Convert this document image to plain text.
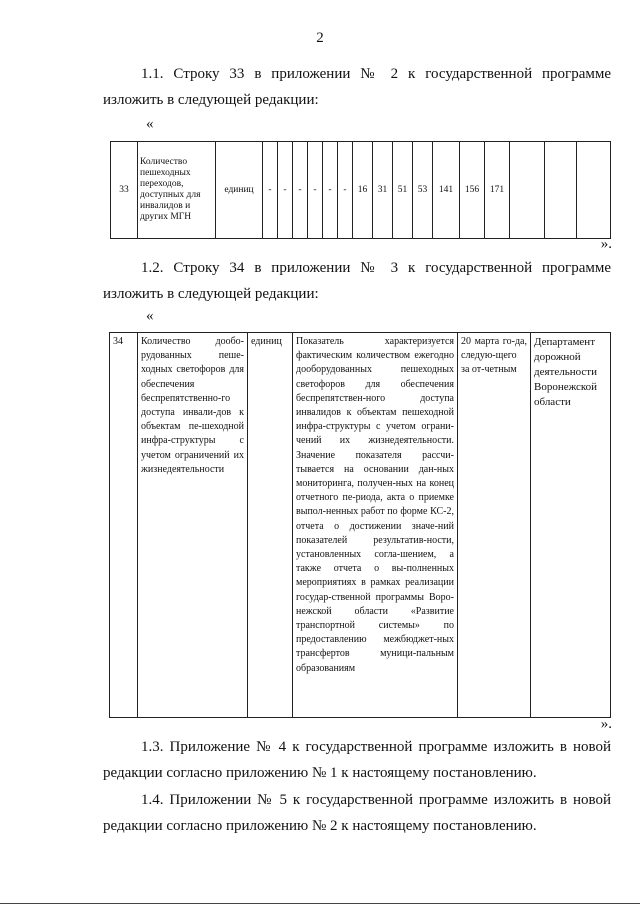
2
1.1. Строку 33 в приложении № 2 к государственной программе
изложить в следующей редакции:
«
33	Количество пешеходных переходов, доступных для инвалидов и других МГН	единиц	-	-	-	-	-	-	16	31	51	53	141	156	171			
».
1.2. Строку 34 в приложении № 3 к государственной программе
изложить в следующей редакции:
«
34	Количество дообо-рудованных пеше-ходных светофоров для обеспечения беспрепятственно-го доступа инвали-дов к объектам пе-шеходной инфра-структуры с учетом ограничений их жизнедеятельности	единиц	Показатель характеризуется фактическим количеством ежегодно дооборудованных пешеходных светофоров для обеспечения беспрепятствен-ного доступа инвалидов к объектам пешеходной инфра-структуры с учетом ограни-чений их жизнедеятельности. Значение показателя рассчи-тывается на основании дан-ных мониторинга, получен-ных на конец отчетного пе-риода, акта о приемке выпол-ненных работ по форме КС-2, отчета о достижении значе-ний показателей результатив-ности, установленных согла-шением, а также отчета о вы-полненных мероприятиях в рамках реализации государ-ственной программы Воро-нежской области «Развитие транспортной системы» по предоставлению межбюджет-ных трансфертов муници-пальным образованиям	20 марта го-да, следую-щего за от-четным	Департамент дорожной деятельности Воронежской области
».
1.3. Приложение № 4 к государственной программе изложить в новой
редакции согласно приложению № 1 к настоящему постановлению.
1.4. Приложении № 5 к государственной программе изложить в новой
редакции согласно приложению № 2 к настоящему постановлению.
